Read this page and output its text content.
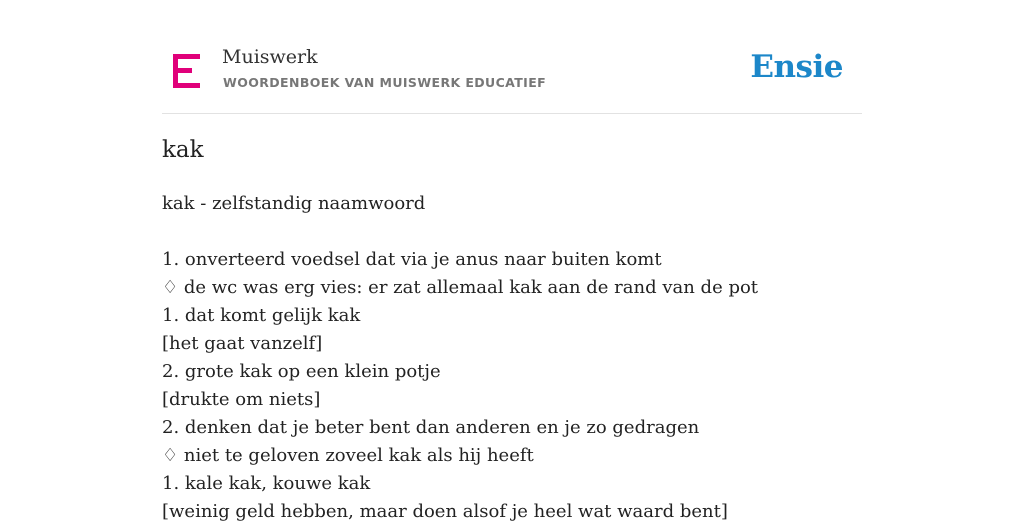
Muiswerk
WOORDENBOEK VAN MUISWERK EDUCATIEF	Ensie
kak
kak - zelfstandig naamwoord
1. onverteerd voedsel dat via je anus naar buiten komt
♢ de wc was erg vies: er zat allemaal kak aan de rand van de pot
1. dat komt gelijk kak
[het gaat vanzelf]
2. grote kak op een klein potje
[drukte om niets]
2. denken dat je beter bent dan anderen en je zo gedragen
♢ niet te geloven zoveel kak als hij heeft
1. kale kak, kouwe kak
[weinig geld hebben, maar doen alsof je heel wat waard bent]
